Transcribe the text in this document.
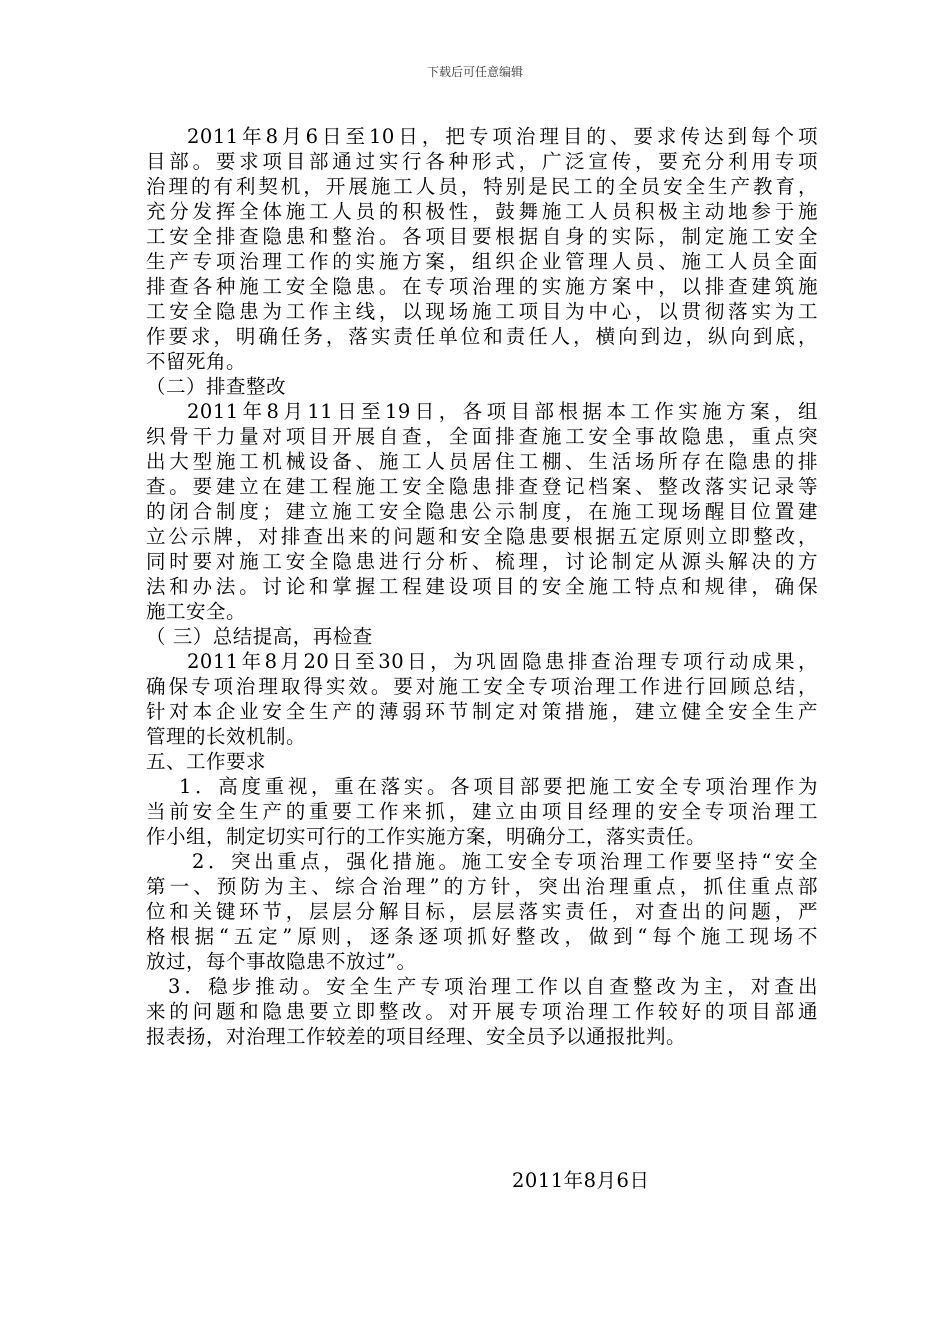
下载后可任意编辑
2011年8月6日至10日，把专项治理目的、要求传达到每个项
目部。要求项目部通过实行各种形式，广泛宣传，要充分利用专项
治理的有利契机，开展施工人员，特别是民工的全员安全生产教育，
充分发挥全体施工人员的积极性，鼓舞施工人员积极主动地参于施
工安全排查隐患和整治。各项目要根据自身的实际，制定施工安全
生产专项治理工作的实施方案，组织企业管理人员、施工人员全面
排查各种施工安全隐患。在专项治理的实施方案中，以排查建筑施
工安全隐患为工作主线，以现场施工项目为中心，以贯彻落实为工
作要求，明确任务，落实责任单位和责任人，横向到边，纵向到底，
不留死角。
（二）排查整改
2011年8月11日至19日，各项目部根据本工作实施方案，组
织骨干力量对项目开展自查，全面排查施工安全事故隐患，重点突
出大型施工机械设备、施工人员居住工棚、生活场所存在隐患的排
查。要建立在建工程施工安全隐患排查登记档案、整改落实记录等
的闭合制度；建立施工安全隐患公示制度，在施工现场醒目位置建
立公示牌，对排查出来的问题和安全隐患要根据五定原则立即整改，
同时要对施工安全隐患进行分析、梳理，讨论制定从源头解决的方
法和办法。讨论和掌握工程建设项目的安全施工特点和规律，确保
施工安全。
（ 三）总结提高，再检查
2011年8月20日至30日，为巩固隐患排查治理专项行动成果，
确保专项治理取得实效。要对施工安全专项治理工作进行回顾总结，
针对本企业安全生产的薄弱环节制定对策措施，建立健全安全生产
管理的长效机制。
五、工作要求
1．高度重视，重在落实。各项目部要把施工安全专项治理作为
当前安全生产的重要工作来抓，建立由项目经理的安全专项治理工
作小组，制定切实可行的工作实施方案，明确分工，落实责任。
2．突出重点，强化措施。施工安全专项治理工作要坚持“安全
第一、预防为主、综合治理”的方针，突出治理重点，抓住重点部
位和关键环节，层层分解目标，层层落实责任，对查出的问题，严
格根据“五定”原则，逐条逐项抓好整改，做到“每个施工现场不
放过，每个事故隐患不放过”。
3．稳步推动。安全生产专项治理工作以自查整改为主，对查出
来的问题和隐患要立即整改。对开展专项治理工作较好的项目部通
报表扬，对治理工作较差的项目经理、安全员予以通报批判。
2011年8月6日
